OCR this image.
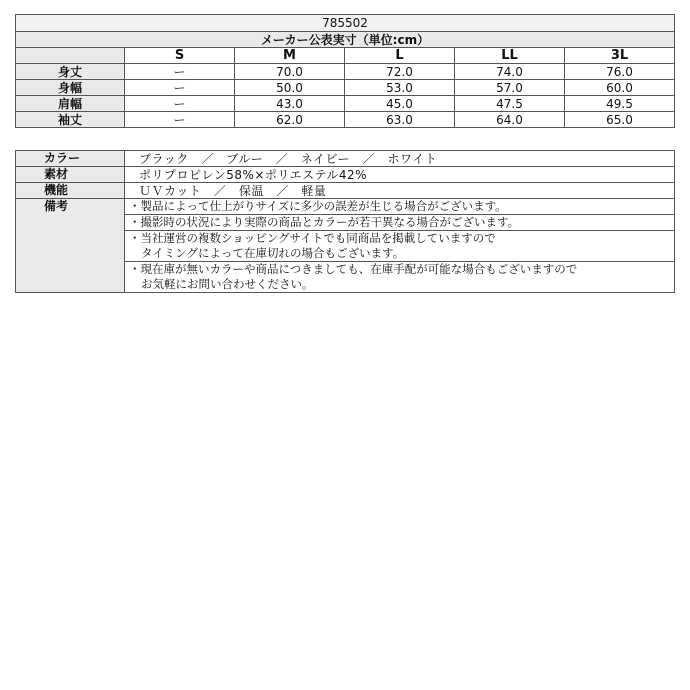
785502					
メーカー公表実寸（単位:cm）					
	S	M	L	LL	3L
身丈	ー	70.0	72.0	74.0	76.0
身幅	ー	50.0	53.0	57.0	60.0
肩幅	ー	43.0	45.0	47.5	49.5
袖丈	ー	62.0	63.0	64.0	65.0
カラー	ブラック　／　ブルー　／　ネイビー　／　ホワイト
素材	ポリプロピレン58%×ポリエステル42%
機能	ＵＶカット　／　保温　／　軽量
備考	・製品によって仕上がりサイズに多少の誤差が生じる場合がございます。

	・撮影時の状況により実際の商品とカラーが若干異なる場合がございます。

	・当社運営の複数ショッピングサイトでも同商品を掲載していますので
タイミングによって在庫切れの場合もございます。

	・現在庫が無いカラーや商品につきましても、在庫手配が可能な場合もございますので
お気軽にお問い合わせください。
